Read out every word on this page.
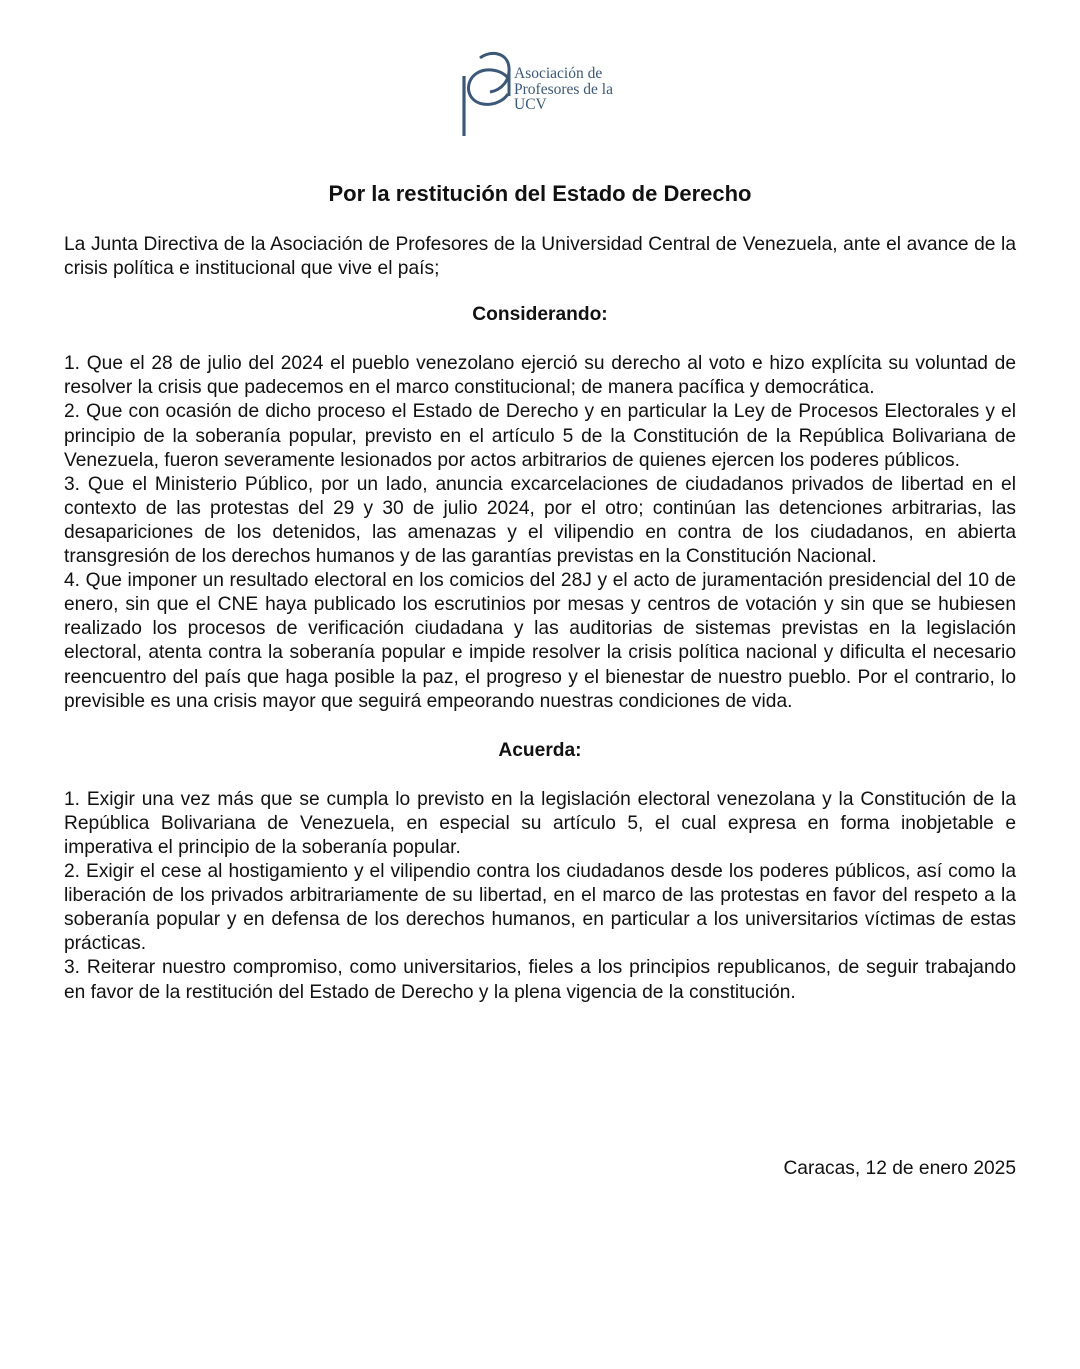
Asociación de
Profesores de la
UCV
Por la restitución del Estado de Derecho

La Junta Directiva de la Asociación de Profesores de la Universidad Central de Venezuela, ante el avance de la crisis política e institucional que vive el país;

Considerando:

1. Que el 28 de julio del 2024 el pueblo venezolano ejerció su derecho al voto e hizo explícita su voluntad de resolver la crisis que padecemos en el marco constitucional; de manera pacífica y democrática.

2. Que con ocasión de dicho proceso el Estado de Derecho y en particular la Ley de Procesos Electorales y el principio de la soberanía popular, previsto en el artículo 5 de la Constitución de la República Bolivariana de Venezuela, fueron severamente lesionados por actos arbitrarios de quienes ejercen los poderes públicos.

3. Que el Ministerio Público, por un lado, anuncia excarcelaciones de ciudadanos privados de libertad en el contexto de las protestas del 29 y 30 de julio 2024, por el otro; continúan las detenciones arbitrarias, las desapariciones de los detenidos, las amenazas y el vilipendio en contra de los ciudadanos, en abierta transgresión de los derechos humanos y de las garantías previstas en la Constitución Nacional.

4. Que imponer un resultado electoral en los comicios del 28J y el acto de juramentación presidencial del 10 de enero, sin que el CNE haya publicado los escrutinios por mesas y centros de votación y sin que se hubiesen realizado los procesos de verificación ciudadana y las auditorias de sistemas previstas en la legislación electoral, atenta contra la soberanía popular e impide resolver la crisis política nacional y dificulta el necesario reencuentro del país que haga posible la paz, el progreso y el bienestar de nuestro pueblo. Por el contrario, lo previsible es una crisis mayor que seguirá empeorando nuestras condiciones de vida.

Acuerda:

1. Exigir una vez más que se cumpla lo previsto en la legislación electoral venezolana y la Constitución de la República Bolivariana de Venezuela, en especial su artículo 5, el cual expresa en forma inobjetable e imperativa el principio de la soberanía popular.

2. Exigir el cese al hostigamiento y el vilipendio contra los ciudadanos desde los poderes públicos, así como la liberación de los privados arbitrariamente de su libertad, en el marco de las protestas en favor del respeto a la soberanía popular y en defensa de los derechos humanos, en particular a los universitarios víctimas de estas prácticas.

3. Reiterar nuestro compromiso, como universitarios, fieles a los principios republicanos, de seguir trabajando en favor de la restitución del Estado de Derecho y la plena vigencia de la constitución.

Caracas, 12 de enero 2025
